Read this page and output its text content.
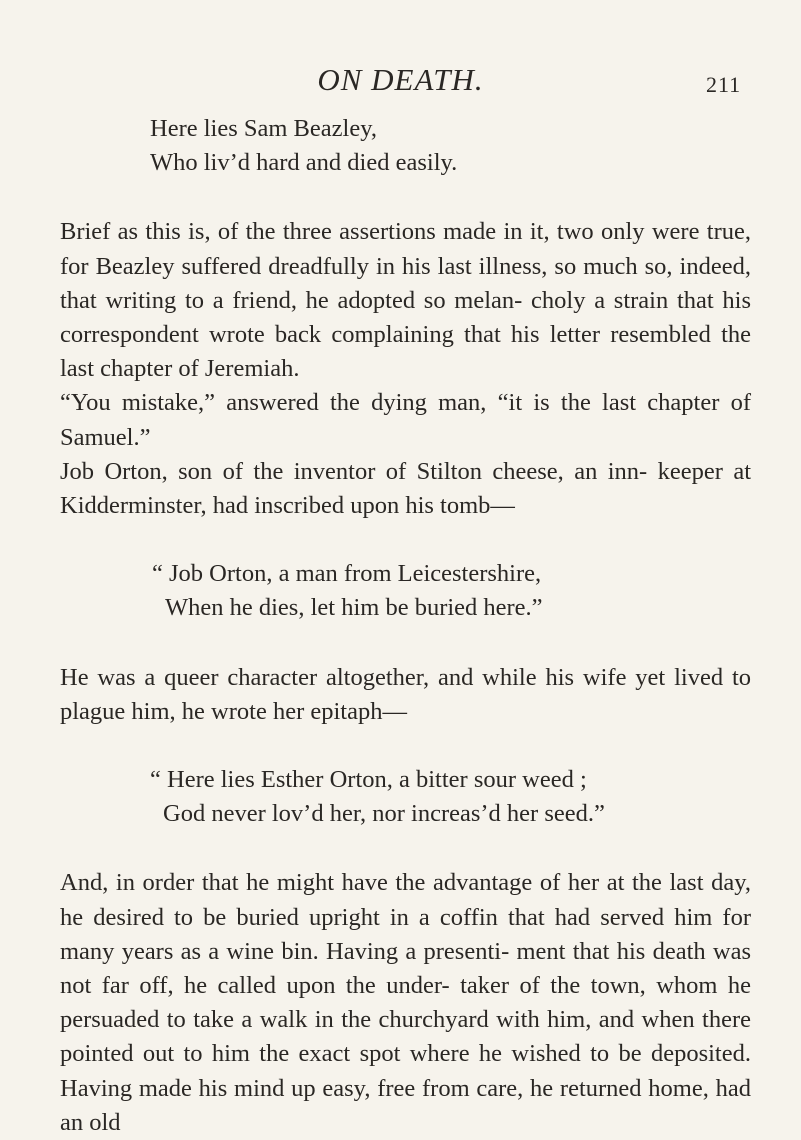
ON DEATH.	211
Here lies Sam Beazley,
Who liv’d hard and died easily.

Brief as this is, of the three assertions made in it, two only were true, for Beazley suffered dreadfully in his last illness, so much so, indeed, that writing to a friend, he adopted so melan- choly a strain that his correspondent wrote back complaining that his letter resembled the last chapter of Jeremiah.

“You mistake,” answered the dying man, “it is the last chapter of Samuel.”

Job Orton, son of the inventor of Stilton cheese, an inn- keeper at Kidderminster, had inscribed upon his tomb—

“ Job Orton, a man from Leicestershire,
When he dies, let him be buried here.”

He was a queer character altogether, and while his wife yet lived to plague him, he wrote her epitaph—

“ Here lies Esther Orton, a bitter sour weed ;
God never lov’d her, nor increas’d her seed.”

And, in order that he might have the advantage of her at the last day, he desired to be buried upright in a coffin that had served him for many years as a wine bin. Having a presenti- ment that his death was not far off, he called upon the under- taker of the town, whom he persuaded to take a walk in the churchyard with him, and when there pointed out to him the exact spot where he wished to be deposited. Having made his mind up easy, free from care, he returned home, had an old
